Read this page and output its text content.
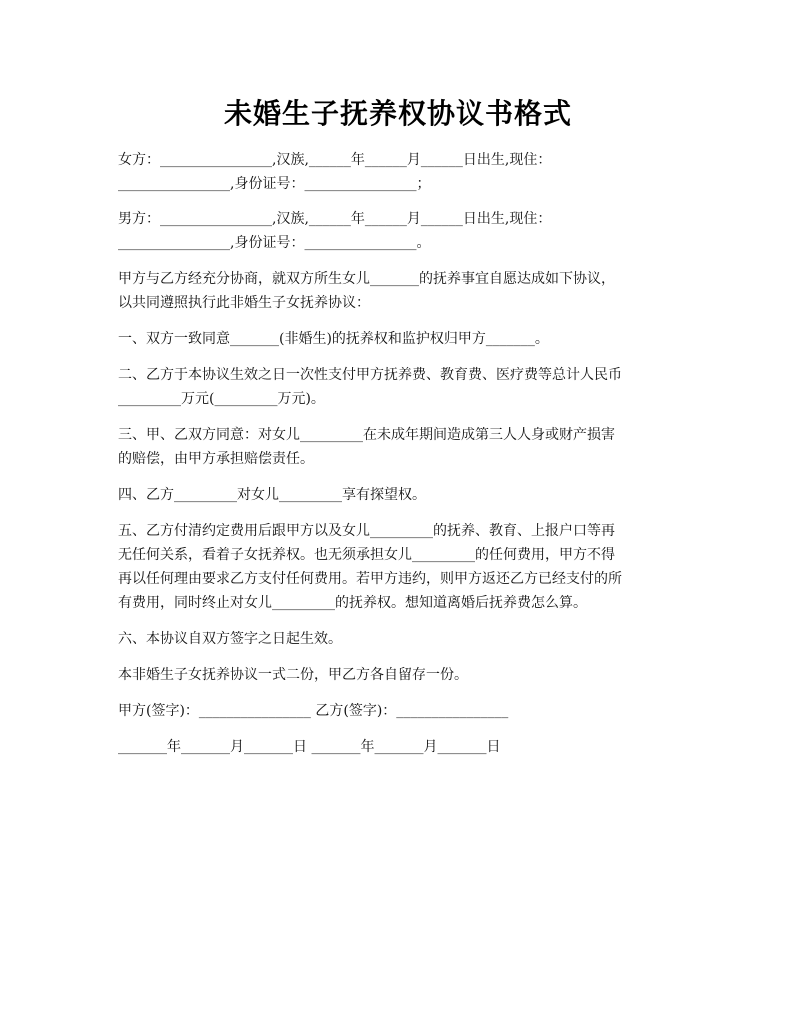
未婚生子抚养权协议书格式

女方：________________,汉族,______年______月______日出生,现住：

________________,身份证号：________________；

男方：________________,汉族,______年______月______日出生,现住：

________________,身份证号：________________。

甲方与乙方经充分协商，就双方所生女儿_______的抚养事宜自愿达成如下协议，

以共同遵照执行此非婚生子女抚养协议：

一、双方一致同意_______(非婚生)的抚养权和监护权归甲方_______。

二、乙方于本协议生效之日一次性支付甲方抚养费、教育费、医疗费等总计人民币

_________万元(_________万元)。

三、甲、乙双方同意：对女儿_________在未成年期间造成第三人人身或财产损害

的赔偿，由甲方承担赔偿责任。

四、乙方_________对女儿_________享有探望权。

五、乙方付清约定费用后跟甲方以及女儿_________的抚养、教育、上报户口等再

无任何关系，看着子女抚养权。也无须承担女儿_________的任何费用，甲方不得

再以任何理由要求乙方支付任何费用。若甲方违约，则甲方返还乙方已经支付的所

有费用，同时终止对女儿_________的抚养权。想知道离婚后抚养费怎么算。

六、本协议自双方签字之日起生效。

本非婚生子女抚养协议一式二份，甲乙方各自留存一份。

甲方(签字)：________________ 乙方(签字)：________________

_______年_______月_______日 _______年_______月_______日
